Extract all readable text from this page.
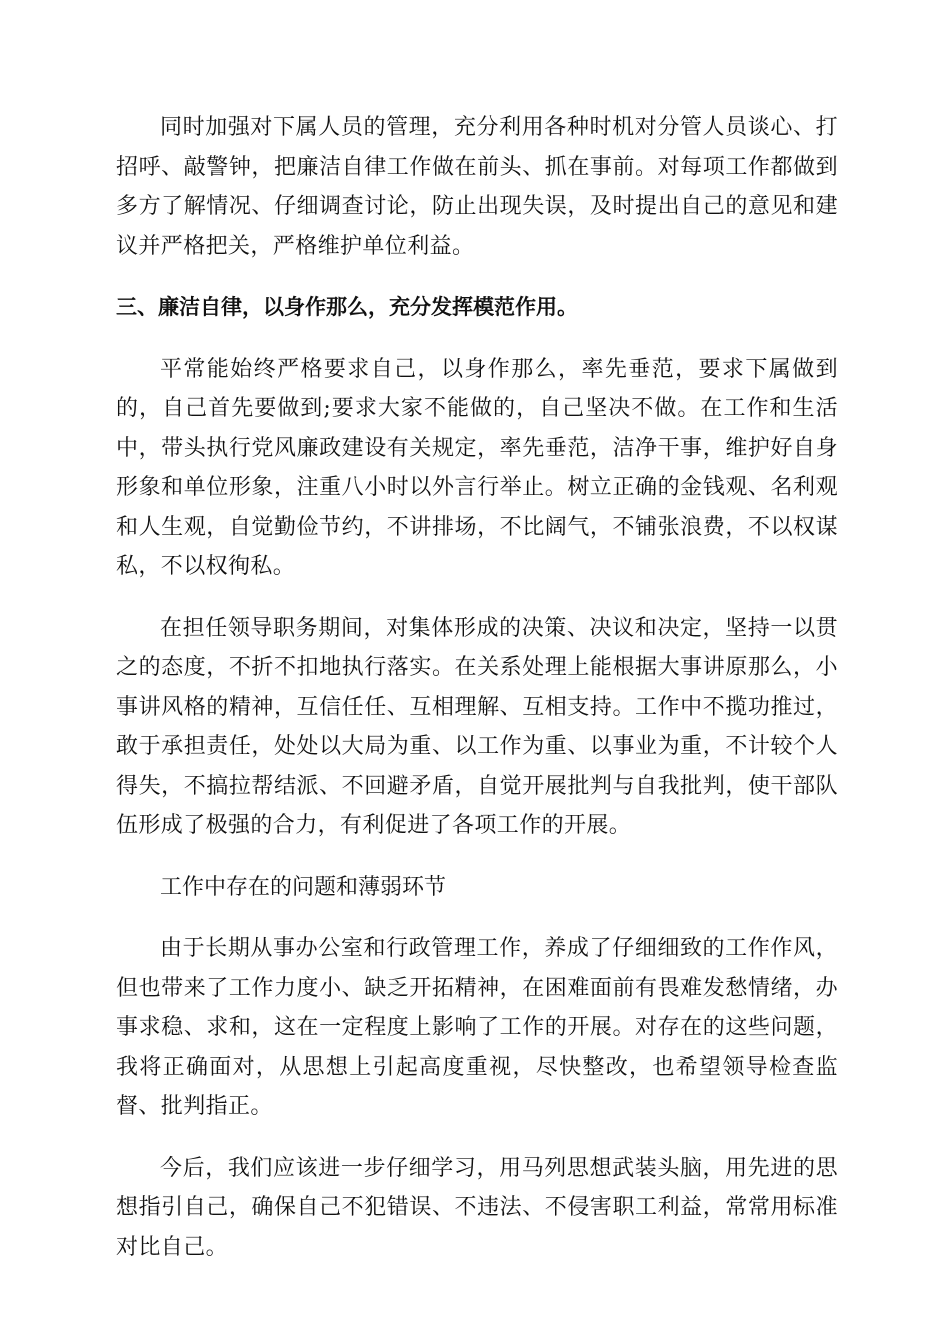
同时加强对下属人员的管理，充分利用各种时机对分管人员谈心、打招呼、敲警钟，把廉洁自律工作做在前头、抓在事前。对每项工作都做到多方了解情况、仔细调查讨论，防止出现失误，及时提出自己的意见和建议并严格把关，严格维护单位利益。

三、廉洁自律，以身作那么，充分发挥模范作用。

平常能始终严格要求自己，以身作那么，率先垂范，要求下属做到的，自己首先要做到;要求大家不能做的，自己坚决不做。在工作和生活中，带头执行党风廉政建设有关规定，率先垂范，洁净干事，维护好自身形象和单位形象，注重八小时以外言行举止。树立正确的金钱观、名利观和人生观，自觉勤俭节约，不讲排场，不比阔气，不铺张浪费，不以权谋私，不以权徇私。

在担任领导职务期间，对集体形成的决策、决议和决定，坚持一以贯之的态度，不折不扣地执行落实。在关系处理上能根据大事讲原那么，小事讲风格的精神，互信任任、互相理解、互相支持。工作中不揽功推过，敢于承担责任，处处以大局为重、以工作为重、以事业为重，不计较个人得失，不搞拉帮结派、不回避矛盾，自觉开展批判与自我批判，使干部队伍形成了极强的合力，有利促进了各项工作的开展。

工作中存在的问题和薄弱环节

由于长期从事办公室和行政管理工作，养成了仔细细致的工作作风，但也带来了工作力度小、缺乏开拓精神，在困难面前有畏难发愁情绪，办事求稳、求和，这在一定程度上影响了工作的开展。对存在的这些问题，我将正确面对，从思想上引起高度重视，尽快整改，也希望领导检查监督、批判指正。

今后，我们应该进一步仔细学习，用马列思想武装头脑，用先进的思想指引自己，确保自己不犯错误、不违法、不侵害职工利益，常常用标准对比自己。
